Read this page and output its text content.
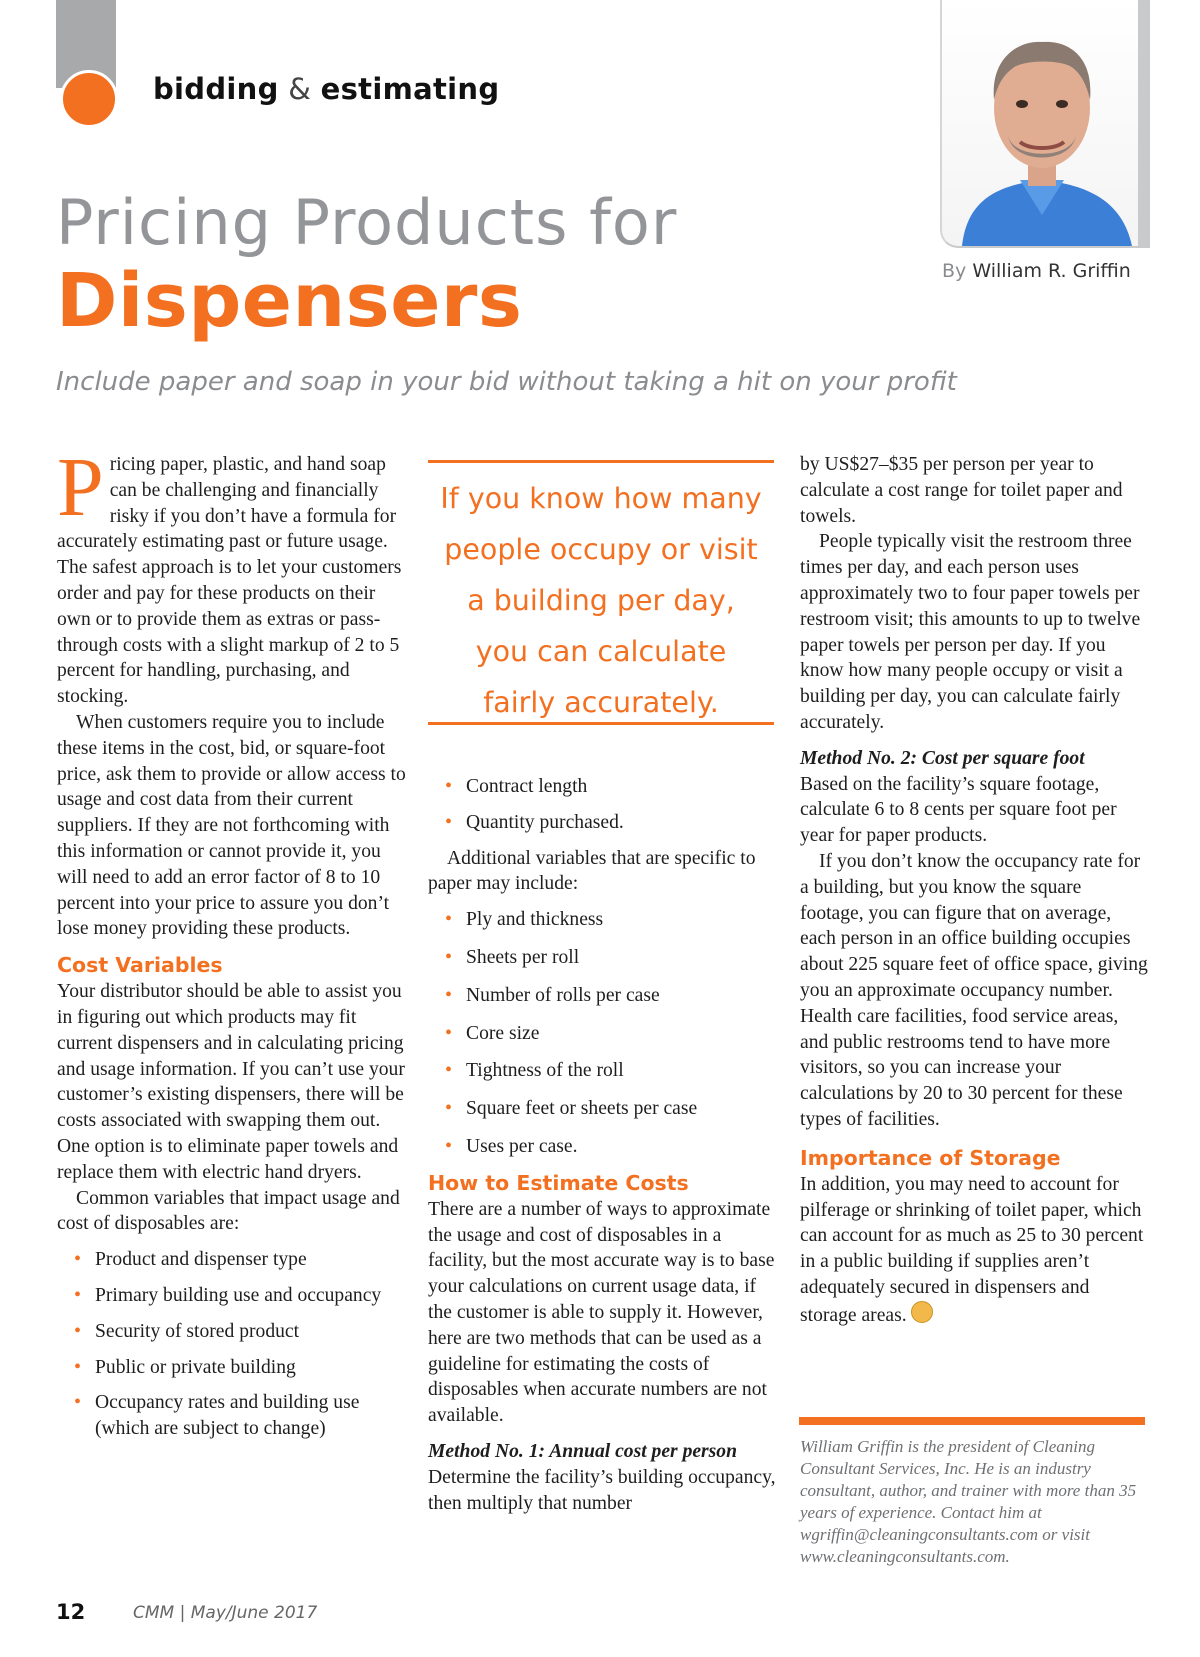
bidding & estimating
Pricing Products for
Dispensers
Include paper and soap in your bid without taking a hit on your profit
By William R. Griffin

Pricing paper, plastic, and hand soap can be challenging and financially risky if you don’t have a formula for accurately estimating past or future usage. The safest approach is to let your customers order and pay for these products on their own or to provide them as extras or pass-through costs with a slight markup of 2 to 5 percent for handling, purchasing, and stocking.

When customers require you to include these items in the cost, bid, or square-foot price, ask them to provide or allow access to usage and cost data from their current suppliers. If they are not forthcoming with this information or cannot provide it, you will need to add an error factor of 8 to 10 percent into your price to assure you don’t lose money providing these products.

Cost Variables

Your distributor should be able to assist you in figuring out which products may fit current dispensers and in calculating pricing and usage information. If you can’t use your customer’s existing dispensers, there will be costs associated with swapping them out. One option is to eliminate paper towels and replace them with electric hand dryers.

Common variables that impact usage and cost of disposables are:

• Product and dispenser type
• Primary building use and occupancy
• Security of stored product
• Public or private building
• Occupancy rates and building use (which are subject to change)
If you know how many
people occupy or visit
a building per day,
you can calculate
fairly accurately.
• Contract length
• Quantity purchased.

Additional variables that are specific to paper may include:

• Ply and thickness
• Sheets per roll
• Number of rolls per case
• Core size
• Tightness of the roll
• Square feet or sheets per case
• Uses per case.
How to Estimate Costs

There are a number of ways to approximate the usage and cost of disposables in a facility, but the most accurate way is to base your calculations on current usage data, if the customer is able to supply it. However, here are two methods that can be used as a guideline for estimating the costs of disposables when accurate numbers are not available.

Method No. 1: Annual cost per person

Determine the facility’s building occupancy, then multiply that number

by US$27–$35 per person per year to calculate a cost range for toilet paper and towels.

People typically visit the restroom three times per day, and each person uses approximately two to four paper towels per restroom visit; this amounts to up to twelve paper towels per person per day. If you know how many people occupy or visit a building per day, you can calculate fairly accurately.

Method No. 2: Cost per square foot

Based on the facility’s square footage, calculate 6 to 8 cents per square foot per year for paper products.

If you don’t know the occupancy rate for a building, but you know the square footage, you can figure that on average, each person in an office building occupies about 225 square feet of office space, giving you an approximate occupancy number. Health care facilities, food service areas, and public restrooms tend to have more visitors, so you can increase your calculations by 20 to 30 percent for these types of facilities.

Importance of Storage

In addition, you may need to account for pilferage or shrinking of toilet paper, which can account for as much as 25 to 30 percent in a public building if supplies aren’t adequately secured in dispensers and storage areas.

William Griffin is the president of Cleaning Consultant Services, Inc. He is an industry consultant, author, and trainer with more than 35 years of experience. Contact him at wgriffin@cleaningconsultants.com or visit www.cleaningconsultants.com.
12	CMM | May/June 2017
